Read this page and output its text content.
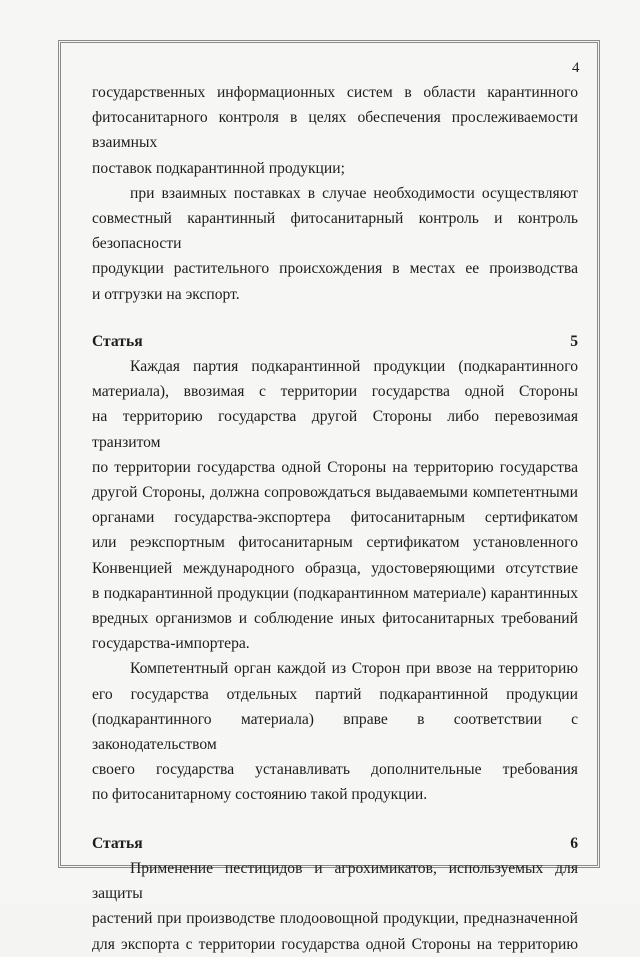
4

государственных информационных систем в области карантинного

фитосанитарного контроля в целях обеспечения прослеживаемости взаимных

поставок подкарантинной продукции;

при взаимных поставках в случае необходимости осуществляют

совместный карантинный фитосанитарный контроль и контроль безопасности

продукции растительного происхождения в местах ее производства

и отгрузки на экспорт.

Статья 5

Каждая партия подкарантинной продукции (подкарантинного

материала), ввозимая с территории государства одной Стороны

на территорию государства другой Стороны либо перевозимая транзитом

по территории государства одной Стороны на территорию государства

другой Стороны, должна сопровождаться выдаваемыми компетентными

органами государства-экспортера фитосанитарным сертификатом

или реэкспортным фитосанитарным сертификатом установленного

Конвенцией международного образца, удостоверяющими отсутствие

в подкарантинной продукции (подкарантинном материале) карантинных

вредных организмов и соблюдение иных фитосанитарных требований

государства-импортера.

Компетентный орган каждой из Сторон при ввозе на территорию

его государства отдельных партий подкарантинной продукции

(подкарантинного материала) вправе в соответствии с законодательством

своего государства устанавливать дополнительные требования

по фитосанитарному состоянию такой продукции.

Статья 6

Применение пестицидов и агрохимикатов, используемых для защиты

растений при производстве плодоовощной продукции, предназначенной

для экспорта с территории государства одной Стороны на территорию
